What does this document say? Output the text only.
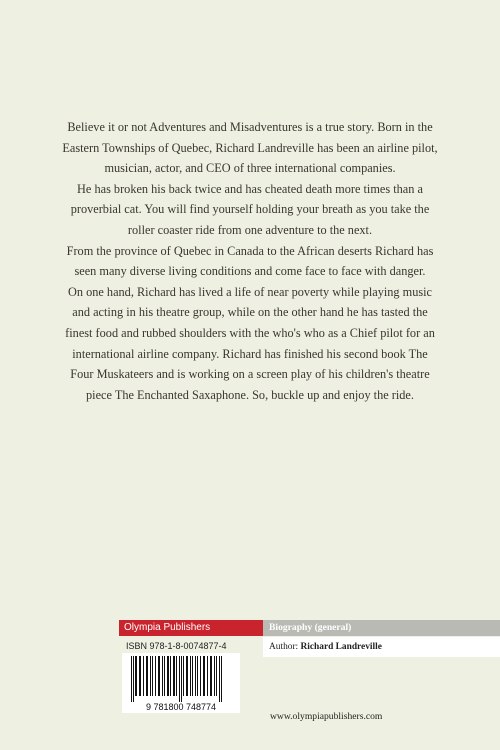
Believe it or not Adventures and Misadventures is a true story. Born in the Eastern Townships of Quebec, Richard Landreville has been an airline pilot, musician, actor, and CEO of three international companies.

He has broken his back twice and has cheated death more times than a proverbial cat. You will find yourself holding your breath as you take the roller coaster ride from one adventure to the next.

From the province of Quebec in Canada to the African deserts Richard has seen many diverse living conditions and come face to face with danger.

On one hand, Richard has lived a life of near poverty while playing music and acting in his theatre group, while on the other hand he has tasted the finest food and rubbed shoulders with the who's who as a Chief pilot for an international airline company. Richard has finished his second book The Four Muskateers and is working on a screen play of his children's theatre piece The Enchanted Saxaphone. So, buckle up and enjoy the ride.

Olympia Publishers	Biography (general)
ISBN 978-1-8-0074877-4	Author: Richard Landreville
9 781800 748774
www.olympiapublishers.com
